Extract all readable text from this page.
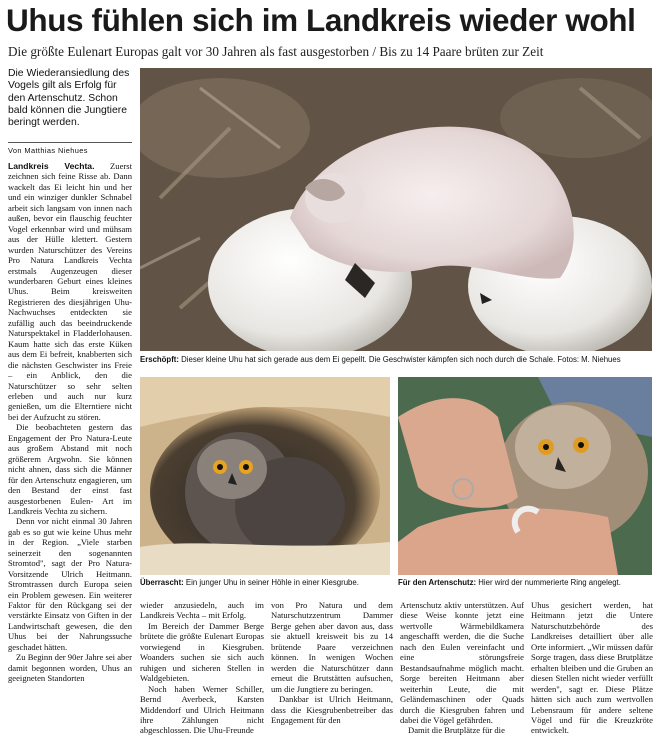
Uhus fühlen sich im Landkreis wieder wohl
Die größte Eulenart Europas galt vor 30 Jahren als fast ausgestorben / Bis zu 14 Paare brüten zur Zeit
Die Wiederansiedlung des Vogels gilt als Erfolg für den Artenschutz. Schon bald können die Jungtiere beringt werden.
Von Matthias Niehues
Erschöpft: Dieser kleine Uhu hat sich gerade aus dem Ei gepellt. Die Geschwister kämpfen sich noch durch die Schale. Fotos: M. Niehues
Überrascht: Ein junger Uhu in seiner Höhle in einer Kiesgrube.	Für den Artenschutz: Hier wird der nummerierte Ring angelegt.

Landkreis Vechta. Zuerst zeichnen sich feine Risse ab. Dann wackelt das Ei leicht hin und her und ein winziger dunkler Schnabel arbeit sich langsam von innen nach außen, bevor ein flauschig feuchter Vogel erkennbar wird und mühsam aus der Hülle klettert. Gestern wurden Naturschützer des Vereins Pro Natura Landkreis Vechta erstmals Augenzeugen dieser wunderbaren Geburt eines kleines Uhus. Beim kreisweiten Registrieren des diesjährigen Uhu-Nachwuchses entdeckten sie zufällig auch das beeindruckende Naturspektakel in Fladderlohausen. Kaum hatte sich das erste Küken aus dem Ei befreit, knabberten sich die nächsten Geschwister ins Freie – ein Anblick, den die Naturschützer so sehr selten erleben und auch nur kurz genießen, um die Elterntiere nicht bei der Aufzucht zu stören.

Die beobachteten gestern das Engagement der Pro Natura-Leute aus großem Abstand mit noch größerem Argwohn. Sie können nicht ahnen, dass sich die Männer für den Artenschutz engagieren, um den Bestand der einst fast ausgestorbenen Eulen- Art im Landkreis Vechta zu sichern.

Denn vor nicht einmal 30 Jahren gab es so gut wie keine Uhus mehr in der Region. „Viele starben seinerzeit den sogenannten Stromtod", sagt der Pro Natura-Vorsitzende Ulrich Heitmann. Stromtrassen durch Europa seien ein Problem gewesen. Ein weiterer Faktor für den Rückgang sei der verstärkte Einsatz von Giften in der Landwirtschaft gewesen, die den Uhus bei der Nahrungssuche geschadet hätten.

Zu Beginn der 90er Jahre sei aber damit begonnen worden, Uhus an geeigneten Standorten

wieder anzusiedeln, auch im Landkreis Vechta – mit Erfolg.

Im Bereich der Dammer Berge brütete die größte Eulenart Europas vorwiegend in Kiesgruben. Woanders suchen sie sich auch ruhigen und sicheren Stellen in Waldgebieten.

Noch haben Werner Schiller, Bernd Averbeck, Karsten Middendorf und Ulrich Heitmann ihre Zählungen nicht abgeschlossen. Die Uhu-Freunde

von Pro Natura und dem Naturschutzzentrum Dammer Berge gehen aber davon aus, dass sie aktuell kreisweit bis zu 14 brütende Paare verzeichnen können. In wenigen Wochen werden die Naturschützer dann erneut die Brutstätten aufsuchen, um die Jungtiere zu beringen.

Dankbar ist Ulrich Heitmann, dass die Kiesgrubenbetreiber das Engagement für den

Artenschutz aktiv unterstützen. Auf diese Weise konnte jetzt eine wertvolle Wärmebildkamera angeschafft werden, die die Suche nach den Eulen vereinfacht und eine störungsfreie Bestandsaufnahme möglich macht. Sorge bereiten Heitmann aber weiterhin Leute, die mit Geländemaschinen oder Quads durch die Kiesgruben fahren und dabei die Vögel gefährden.

Damit die Brutplätze für die

Uhus gesichert werden, hat Heitmann jetzt die Untere Naturschutzbehörde des Landkreises detailliert über alle Orte informiert. „Wir müssen dafür Sorge tragen, dass diese Brutplätze erhalten bleiben und die Gruben an diesen Stellen nicht wieder verfüllt werden", sagt er. Diese Plätze hätten sich auch zum wertvollen Lebensraum für andere seltene Vögel und für die Kreuzkröte entwickelt.
